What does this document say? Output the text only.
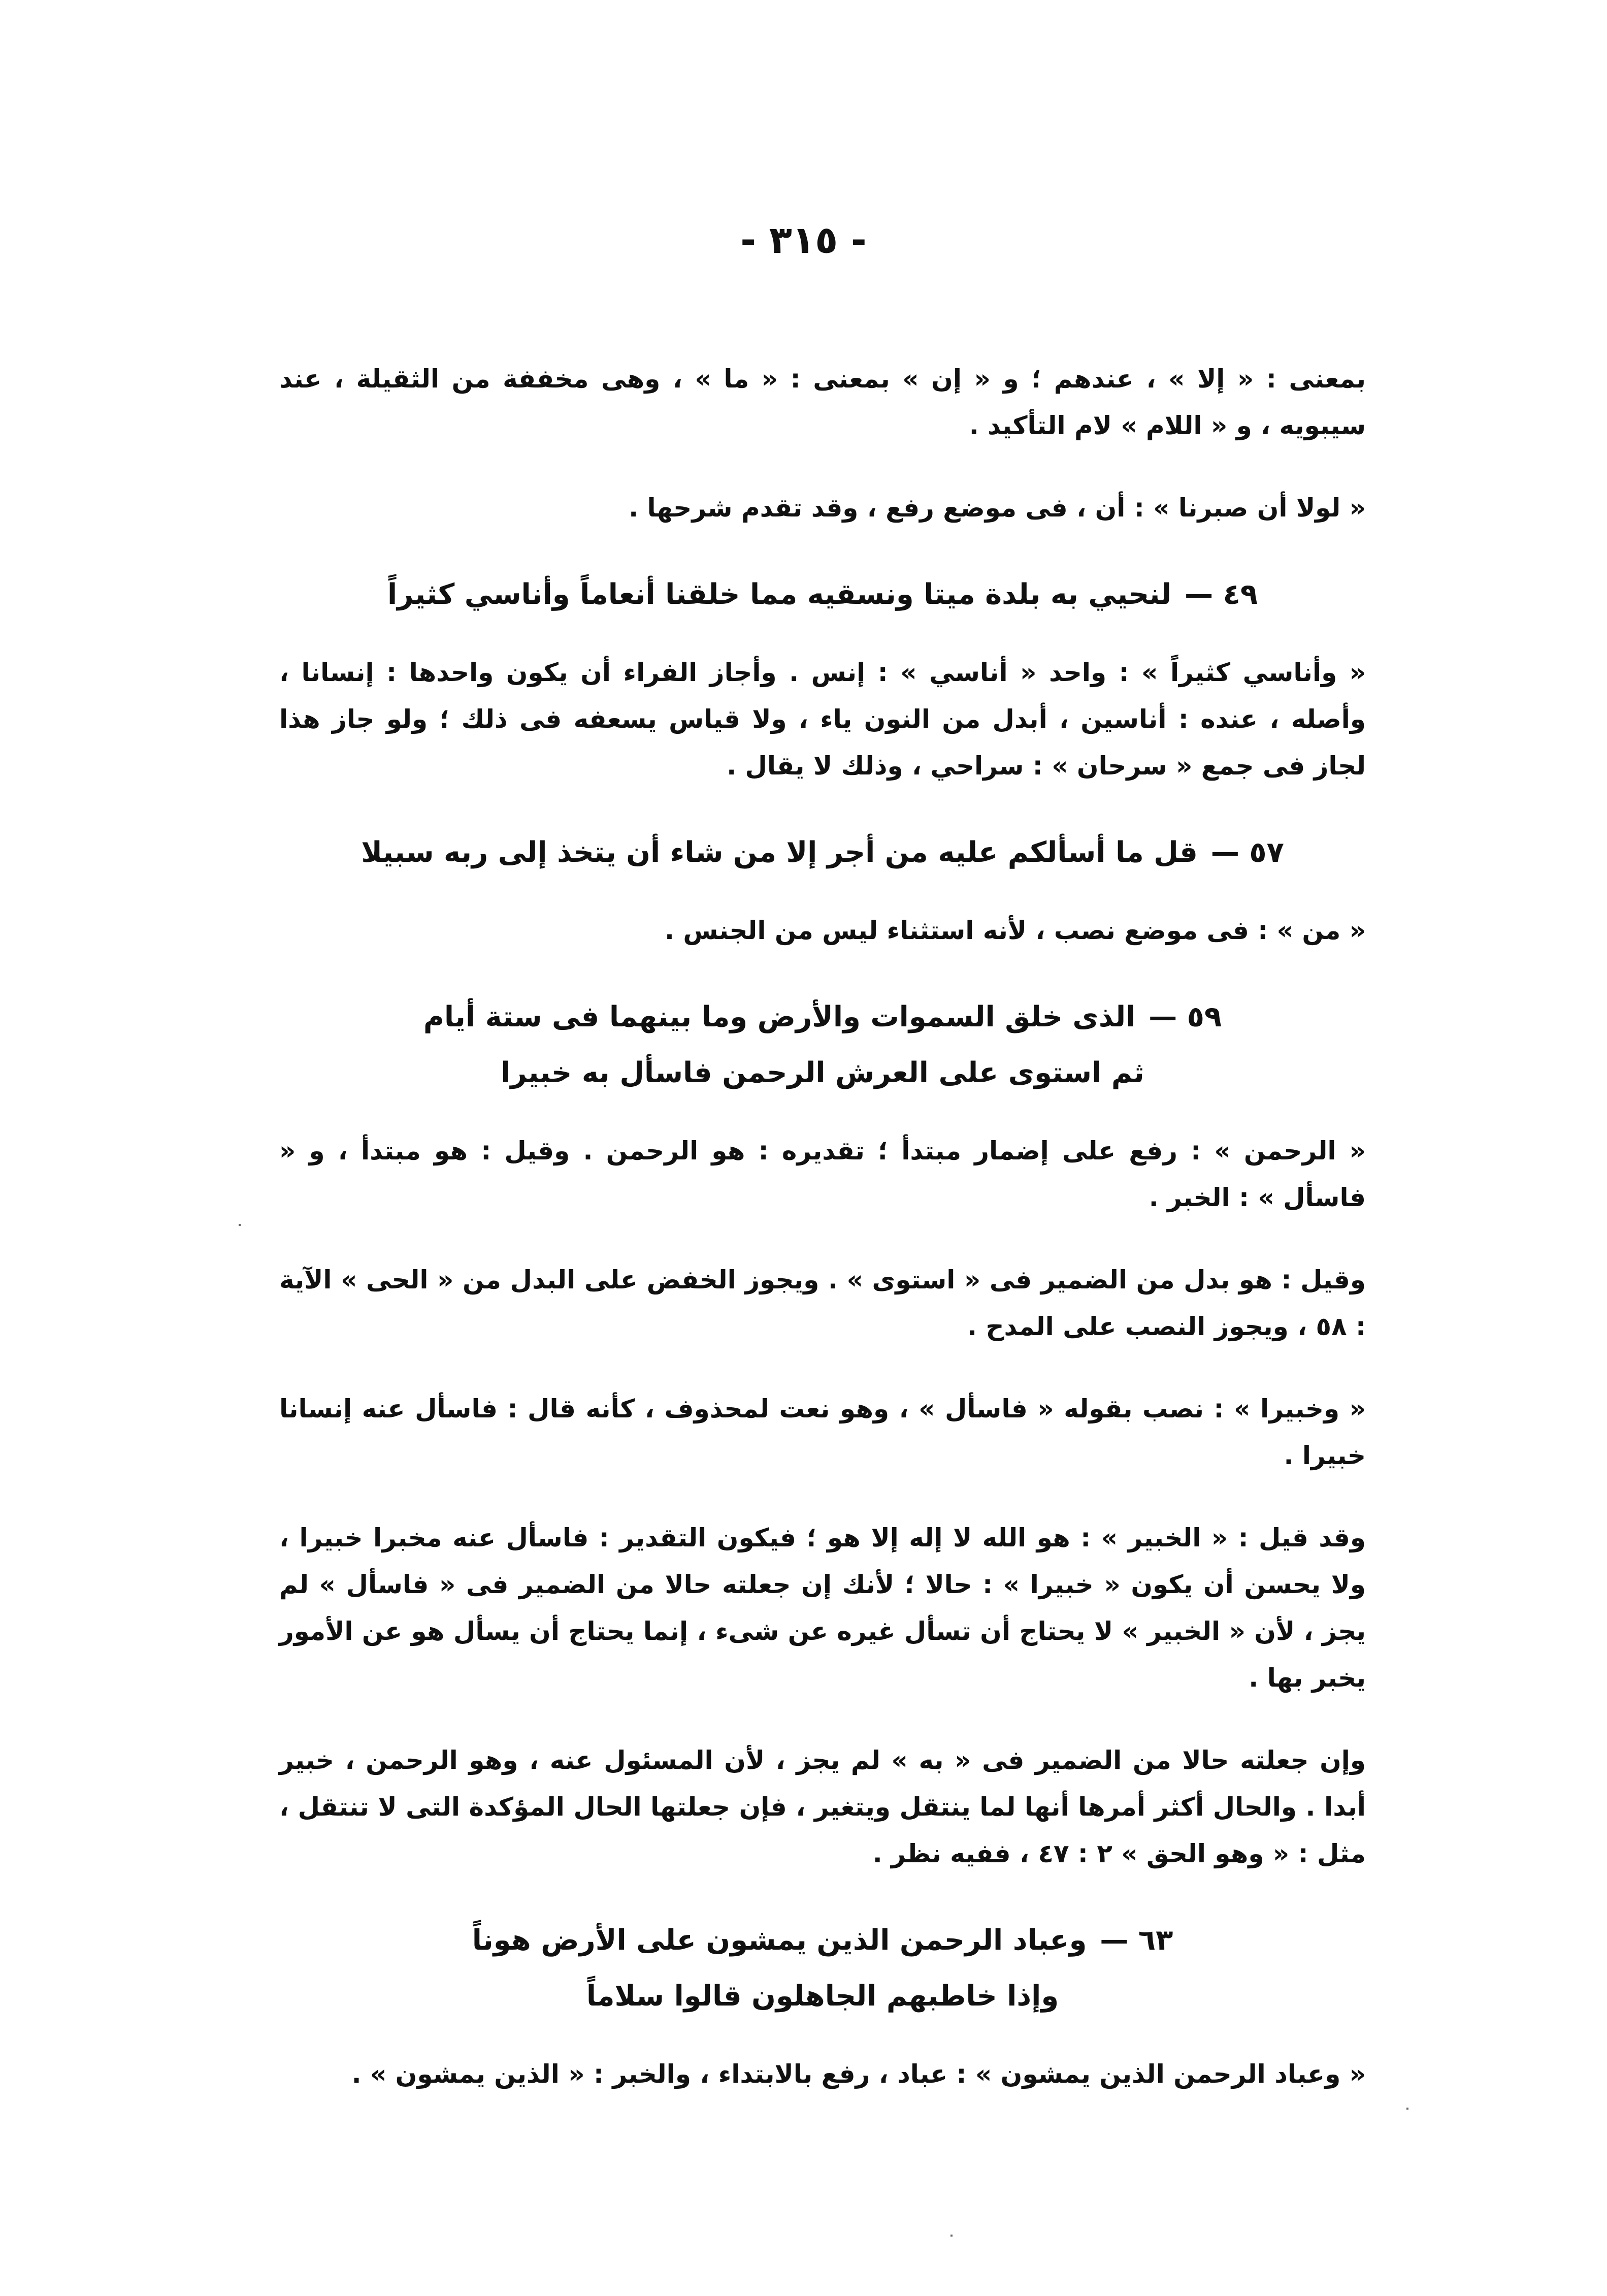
- ٣١٥ -

بمعنى : « إلا » ، عندهم ؛ و « إن » بمعنى : « ما » ، وهى مخففة من الثقيلة ، عند سيبويه ، و « اللام » لام التأكيد .

« لولا أن صبرنا » : أن ، فى موضع رفع ، وقد تقدم شرحها .

٤٩ —لنحيي به بلدة ميتا ونسقيه مما خلقنا أنعاماً وأناسي كثيراً

« وأناسي كثيراً » : واحد « أناسي » : إنس . وأجاز الفراء أن يكون واحدها : إنسانا ، وأصله ، عنده : أناسين ، أبدل من النون ياء ، ولا قياس يسعفه فى ذلك ؛ ولو جاز هذا لجاز فى جمع « سرحان » : سراحي ، وذلك لا يقال .

٥٧ —قل ما أسألكم عليه من أجر إلا من شاء أن يتخذ إلى ربه سبيلا

« من » : فى موضع نصب ، لأنه استثناء ليس من الجنس .

٥٩ —الذى خلق السموات والأرض وما بينهما فى ستة أيام
ثم استوى على العرش الرحمن فاسأل به خبيرا

« الرحمن » : رفع على إضمار مبتدأ ؛ تقديره : هو الرحمن . وقيل : هو مبتدأ ، و « فاسأل » : الخبر .

وقيل : هو بدل من الضمير فى « استوى » . ويجوز الخفض على البدل من « الحى » الآية : ٥٨ ، ويجوز النصب على المدح .

« وخبيرا » : نصب بقوله « فاسأل » ، وهو نعت لمحذوف ، كأنه قال : فاسأل عنه إنسانا خبيرا .

وقد قيل : « الخبير » : هو الله لا إله إلا هو ؛ فيكون التقدير : فاسأل عنه مخبرا خبيرا ، ولا يحسن أن يكون « خبيرا » : حالا ؛ لأنك إن جعلته حالا من الضمير فى « فاسأل » لم يجز ، لأن « الخبير » لا يحتاج أن تسأل غيره عن شىء ، إنما يحتاج أن يسأل هو عن الأمور يخبر بها .

وإن جعلته حالا من الضمير فى « به » لم يجز ، لأن المسئول عنه ، وهو الرحمن ، خبير أبدا . والحال أكثر أمرها أنها لما ينتقل ويتغير ، فإن جعلتها الحال المؤكدة التى لا تنتقل ، مثل : « وهو الحق » ٢ : ٤٧ ، ففيه نظر .

٦٣ —وعباد الرحمن الذين يمشون على الأرض هوناً
وإذا خاطبهم الجاهلون قالوا سلاماً

« وعباد الرحمن الذين يمشون » : عباد ، رفع بالابتداء ، والخبر : « الذين يمشون » .
